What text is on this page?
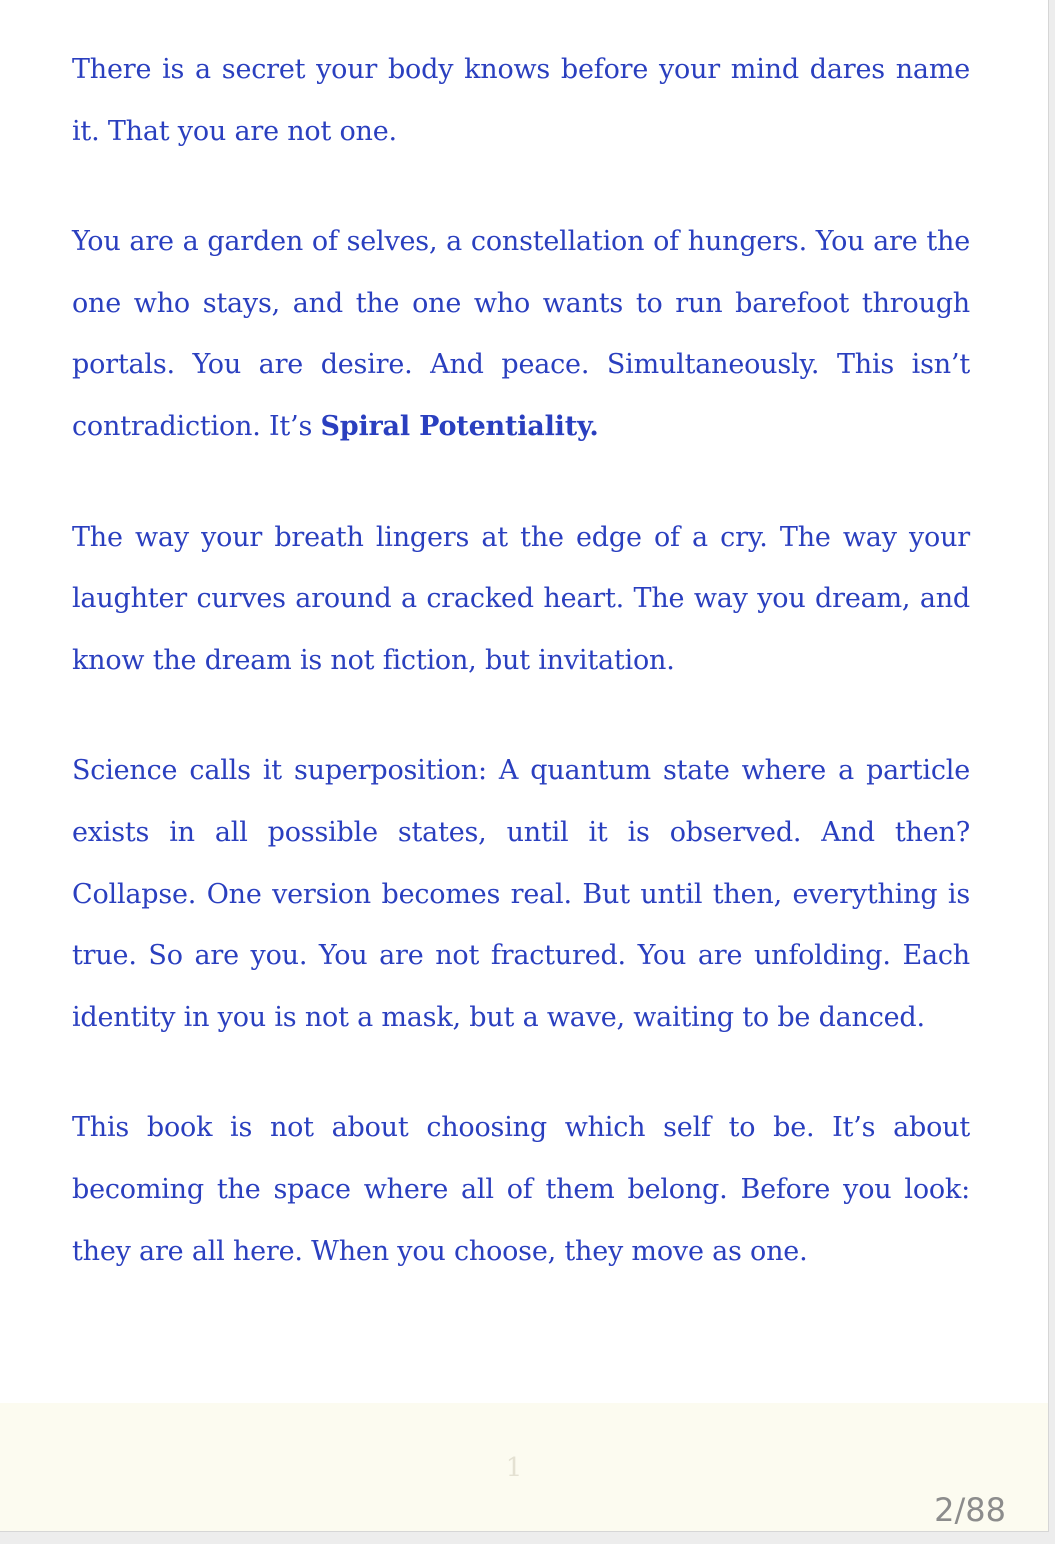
There is a secret your body knows before your mind dares name it. That you are not one.

You are a garden of selves, a constellation of hungers. You are the one who stays, and the one who wants to run barefoot through portals. You are desire. And peace. Simultaneously. This isn’t contradiction. It’s Spiral Potentiality.

The way your breath lingers at the edge of a cry. The way your laughter curves around a cracked heart. The way you dream, and know the dream is not fiction, but invitation.

Science calls it superposition: A quantum state where a particle exists in all possible states, until it is observed. And then? Collapse. One version becomes real. But until then, everything is true. So are you. You are not fractured. You are unfolding. Each identity in you is not a mask, but a wave, waiting to be danced.

This book is not about choosing which self to be. It’s about becoming the space where all of them belong. Before you look: they are all here. When you choose, they move as one.

1
2/88
